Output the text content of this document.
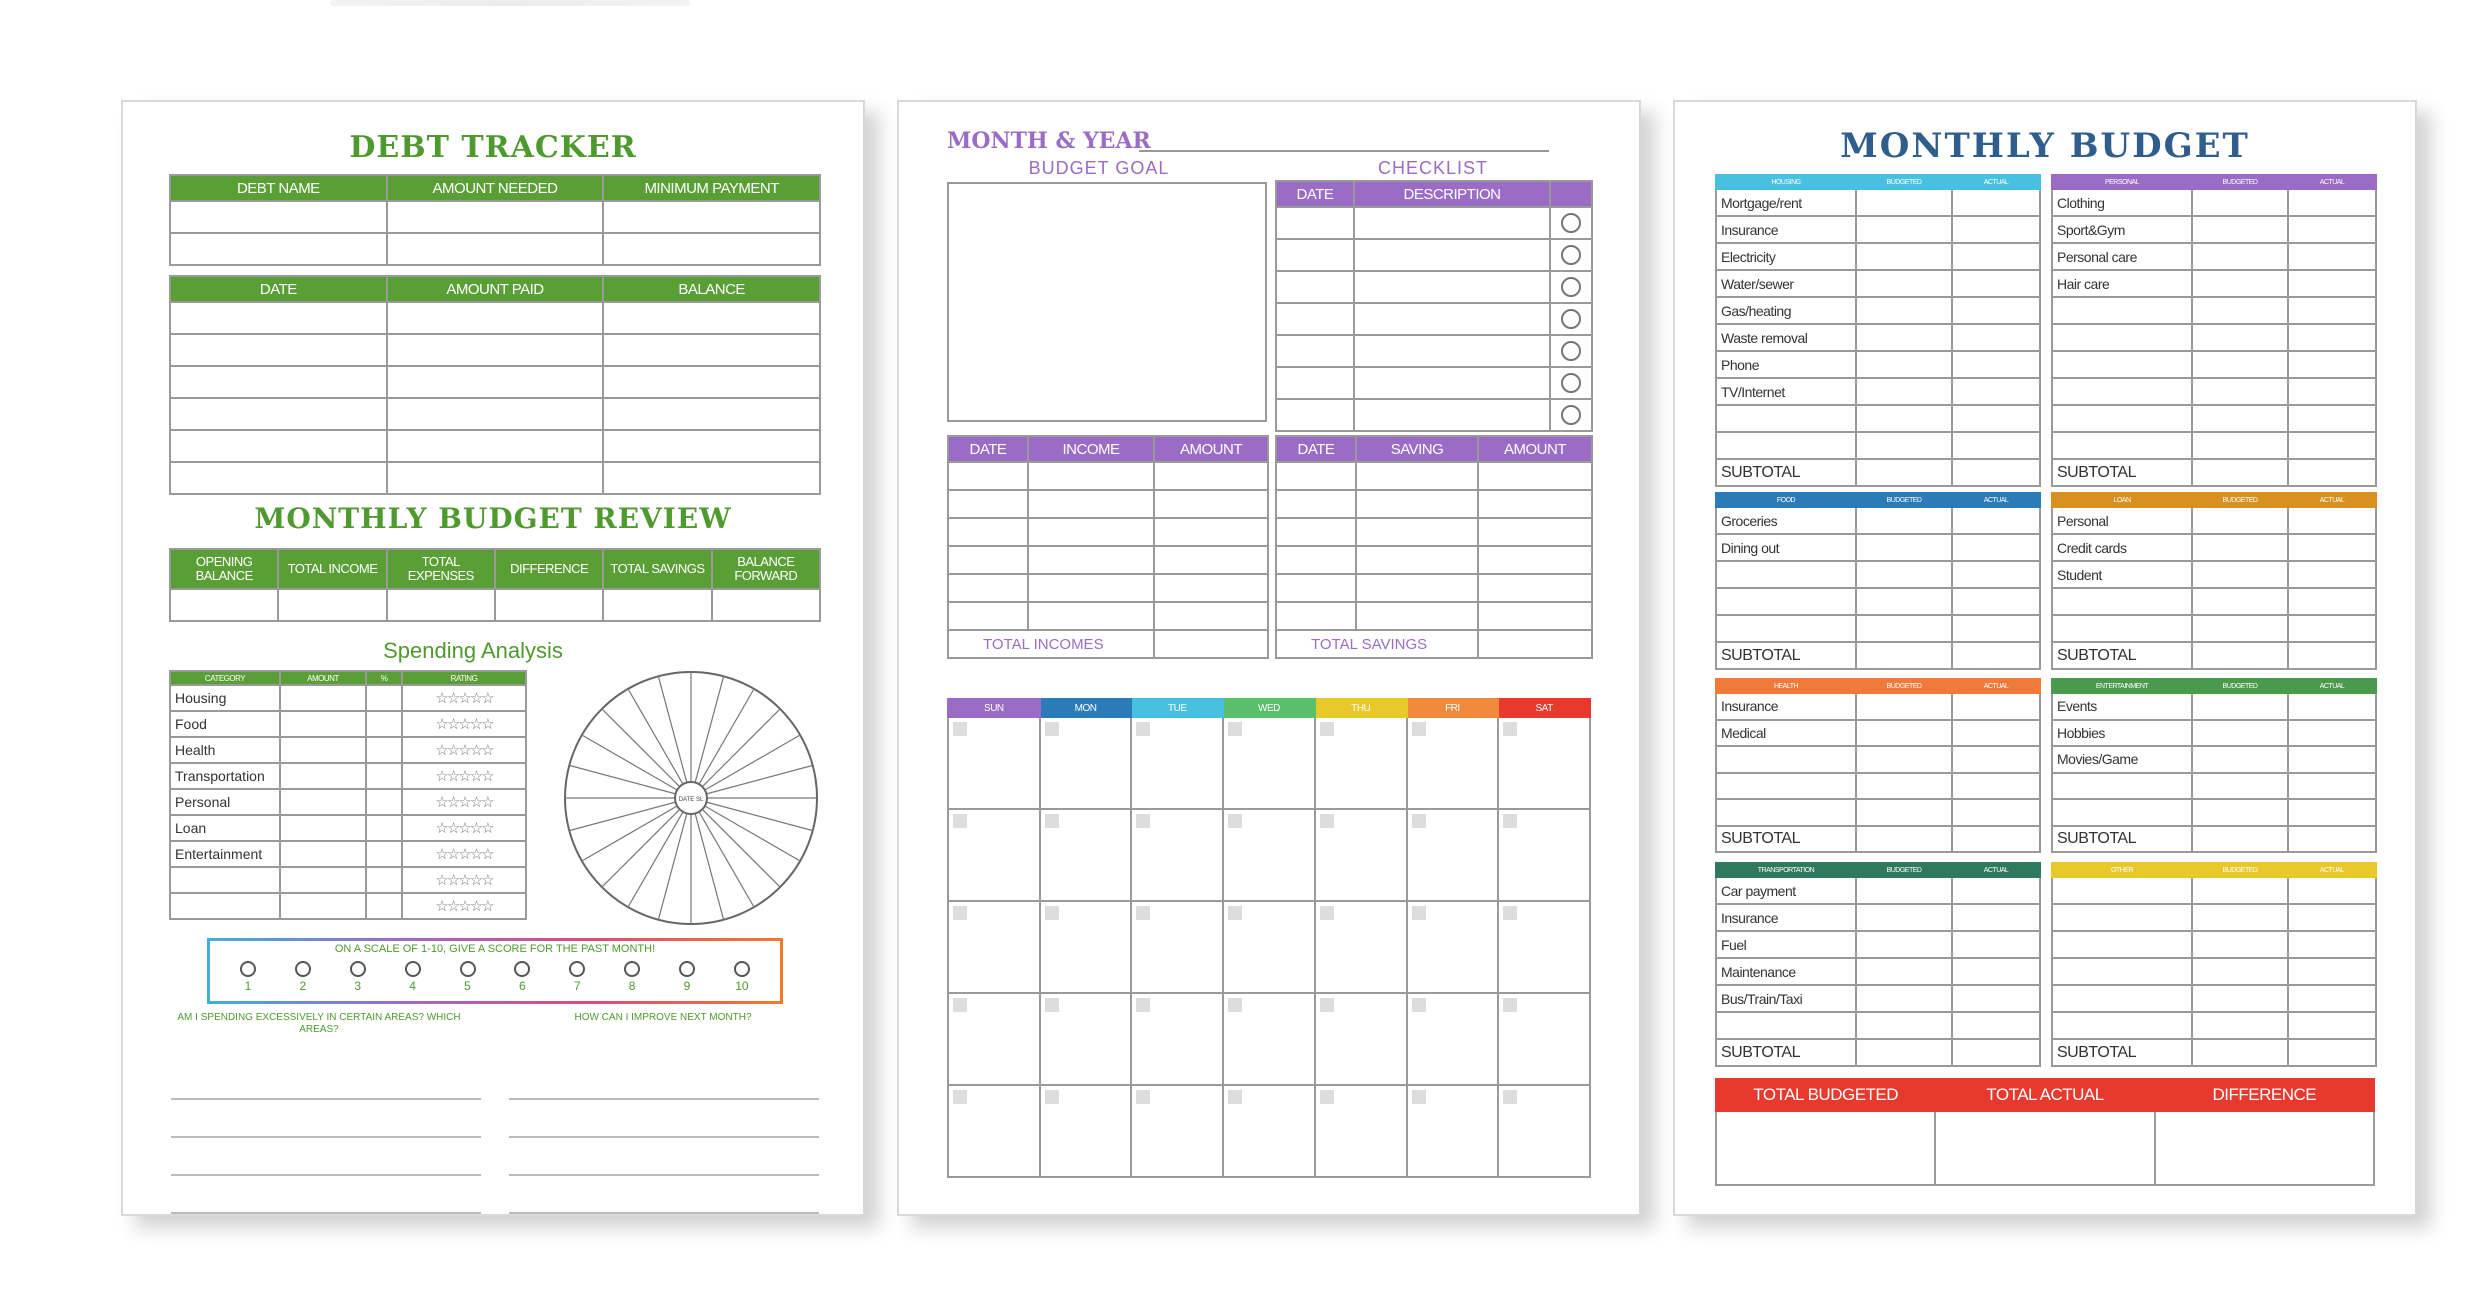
DEBT TRACKER
DEBT NAME	AMOUNT NEEDED	MINIMUM PAYMENT

DATE	AMOUNT PAID	BALANCE

MONTHLY BUDGET REVIEW
OPENING BALANCE	TOTAL INCOME	TOTAL EXPENSES	DIFFERENCE	TOTAL SAVINGS	BALANCE FORWARD

Spending Analysis
CATEGORY	AMOUNT	%	RATING
Housing			☆☆☆☆☆
Food			☆☆☆☆☆
Health			☆☆☆☆☆
Transportation			☆☆☆☆☆
Personal			☆☆☆☆☆
Loan			☆☆☆☆☆
Entertainment			☆☆☆☆☆
			☆☆☆☆☆
			☆☆☆☆☆
DATE SL
ON A SCALE OF 1-10, GIVE A SCORE FOR THE PAST MONTH!
1	2	3	4	5	6	7	8	9	10
AM I SPENDING EXCESSIVELY IN CERTAIN AREAS? WHICH AREAS?
HOW CAN I IMPROVE NEXT MONTH?
MONTH & YEAR
BUDGET GOAL	CHECKLIST
DATE	DESCRIPTION	

DATE	INCOME	AMOUNT

TOTAL INCOMES		
DATE	SAVING	AMOUNT

TOTAL SAVINGS		
SUN	MON	TUE	WED	THU	FRI	SAT

MONTHLY BUDGET
HOUSING	BUDGETED	ACTUAL
Mortgage/rent		
Insurance		
Electricity		
Water/sewer		
Gas/heating		
Waste removal		
Phone		
TV/Internet		

SUBTOTAL		
PERSONAL	BUDGETED	ACTUAL
Clothing		
Sport&Gym		
Personal care		
Hair care		

SUBTOTAL		
FOOD	BUDGETED	ACTUAL
Groceries		
Dining out		

SUBTOTAL		
LOAN	BUDGETED	ACTUAL
Personal		
Credit cards		
Student		

SUBTOTAL		
HEALTH	BUDGETED	ACTUAL
Insurance		
Medical		

SUBTOTAL		
ENTERTAINMENT	BUDGETED	ACTUAL
Events		
Hobbies		
Movies/Game		

SUBTOTAL		
TRANSPORTATION	BUDGETED	ACTUAL
Car payment		
Insurance		
Fuel		
Maintenance		
Bus/Train/Taxi		

SUBTOTAL		
OTHER	BUDGETED	ACTUAL

SUBTOTAL		
TOTAL BUDGETED	TOTAL ACTUAL	DIFFERENCE
